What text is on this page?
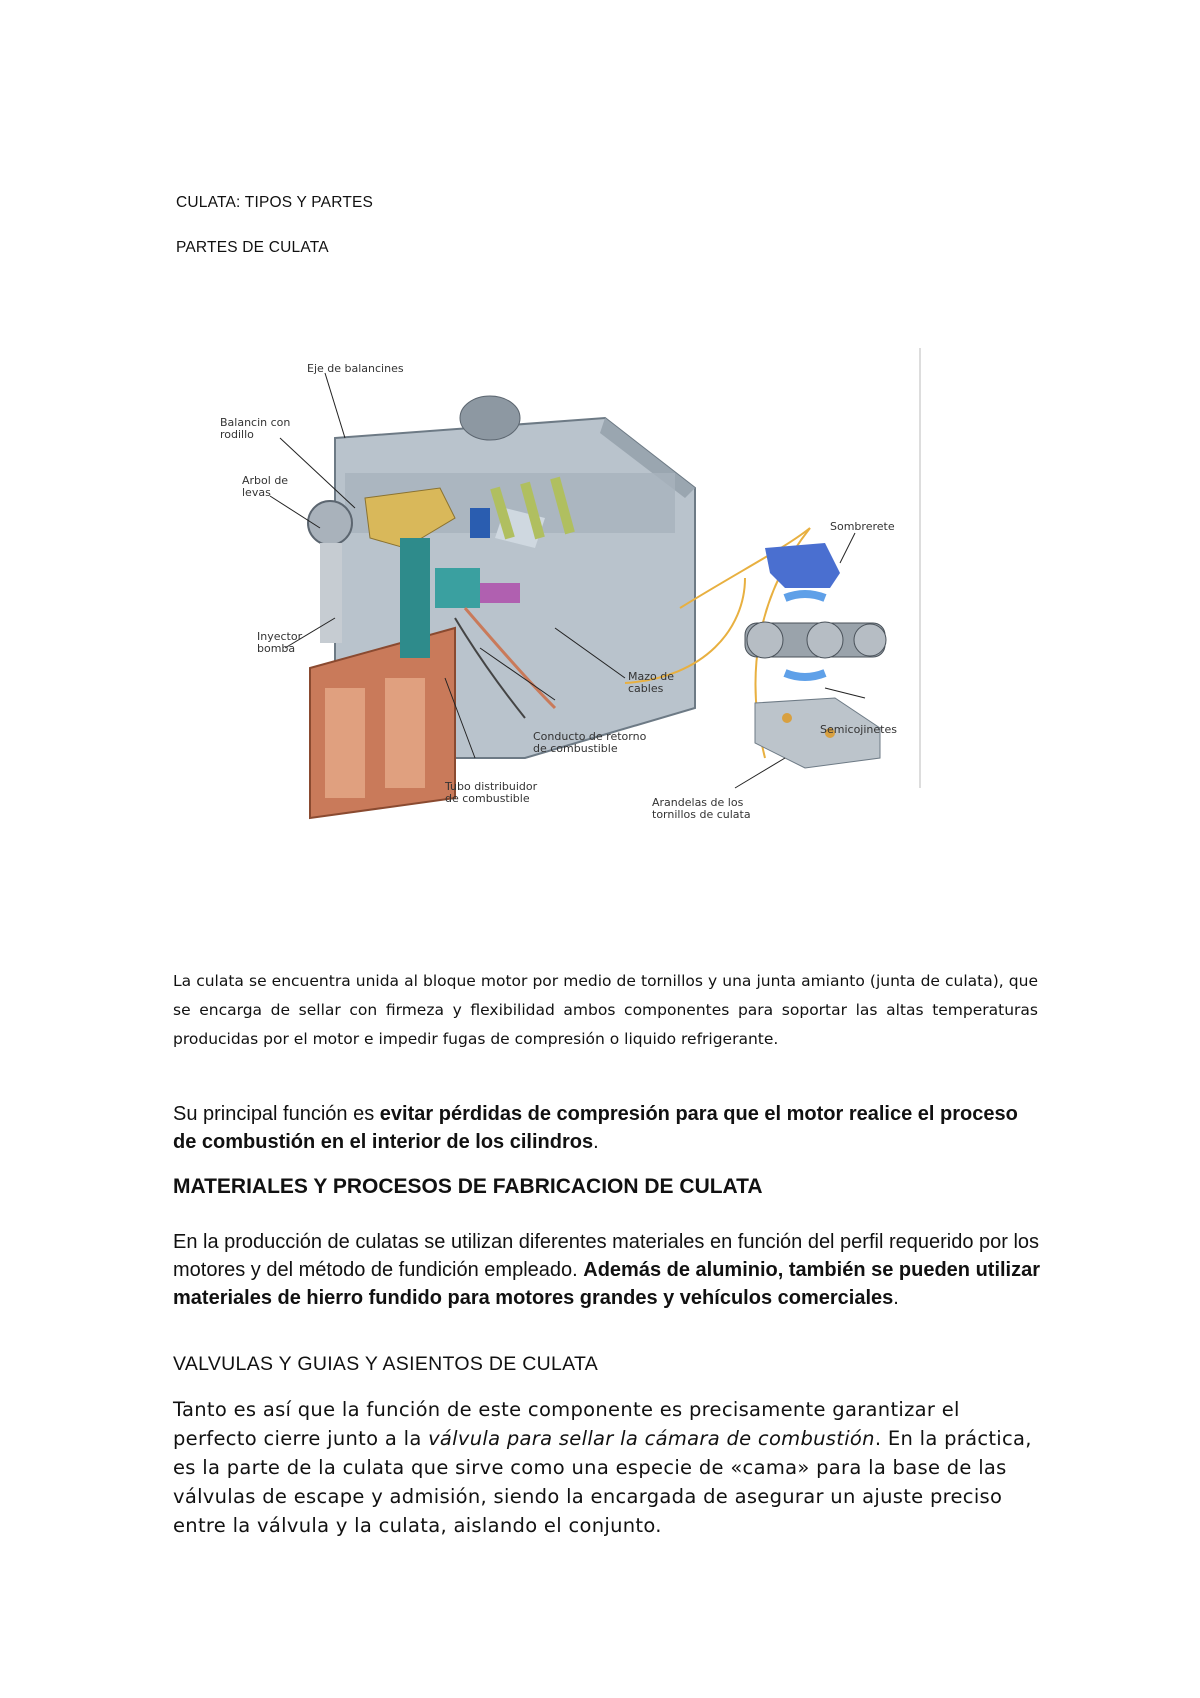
CULATA: TIPOS Y PARTES

PARTES DE CULATA

Eje de balancines
Balancin con
rodillo
Arbol de
levas
Inyector
bomba
Mazo de
cables
Conducto de retorno
de combustible
Tubo distribuidor
de combustible
Sombrerete
Semicojinetes
Arandelas de los
tornillos de culata

La culata se encuentra unida al bloque motor por medio de tornillos y una junta amianto (junta de culata), que se encarga de sellar con firmeza y flexibilidad ambos componentes para soportar las altas temperaturas producidas por el motor e impedir fugas de compresión o liquido refrigerante.

Su principal función es evitar pérdidas de compresión para que el motor realice el proceso de combustión en el interior de los cilindros.

MATERIALES Y PROCESOS DE FABRICACION DE CULATA

En la producción de culatas se utilizan diferentes materiales en función del perfil requerido por los motores y del método de fundición empleado. Además de aluminio, también se pueden utilizar materiales de hierro fundido para motores grandes y vehículos comerciales.

VALVULAS Y GUIAS Y ASIENTOS DE CULATA

Tanto es así que la función de este componente es precisamente garantizar el perfecto cierre junto a la válvula para sellar la cámara de combustión. En la práctica, es la parte de la culata que sirve como una especie de «cama» para la base de las válvulas de escape y admisión, siendo la encargada de asegurar un ajuste preciso entre la válvula y la culata, aislando el conjunto.
